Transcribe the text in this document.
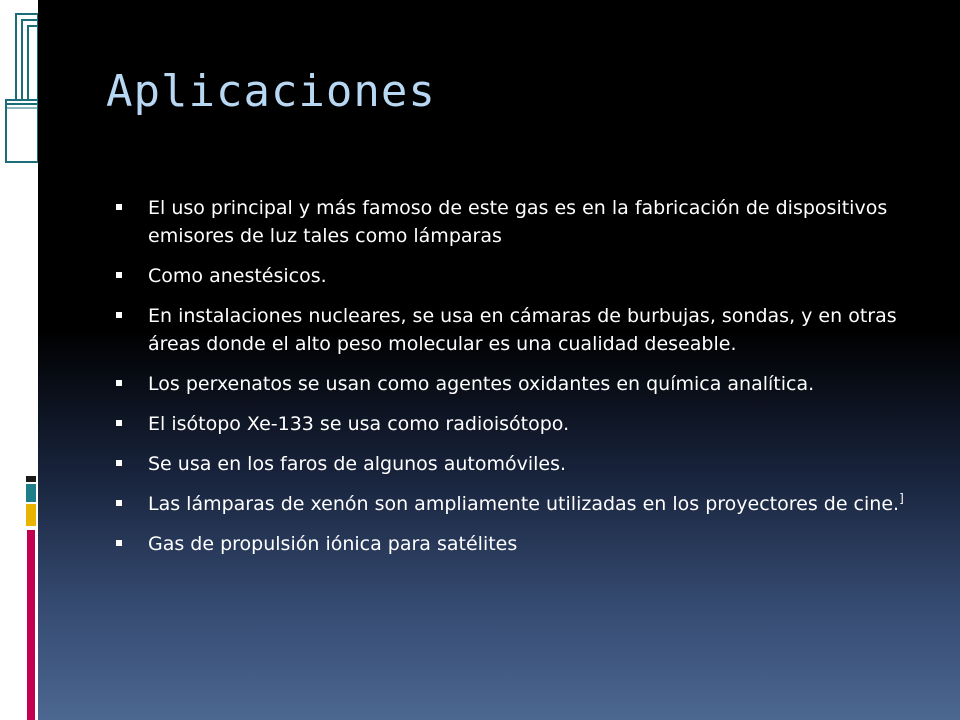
Aplicaciones
El uso principal y más famoso de este gas es en la fabricación de dispositivos emisores de luz tales como lámparas
Como anestésicos.
En instalaciones nucleares, se usa en cámaras de burbujas, sondas, y en otras áreas donde el alto peso molecular es una cualidad deseable.
Los perxenatos se usan como agentes oxidantes en química analítica.
El isótopo Xe-133 se usa como radioisótopo.
Se usa en los faros de algunos automóviles.
Las lámparas de xenón son ampliamente utilizadas en los proyectores de cine.]
Gas de propulsión iónica para satélites
